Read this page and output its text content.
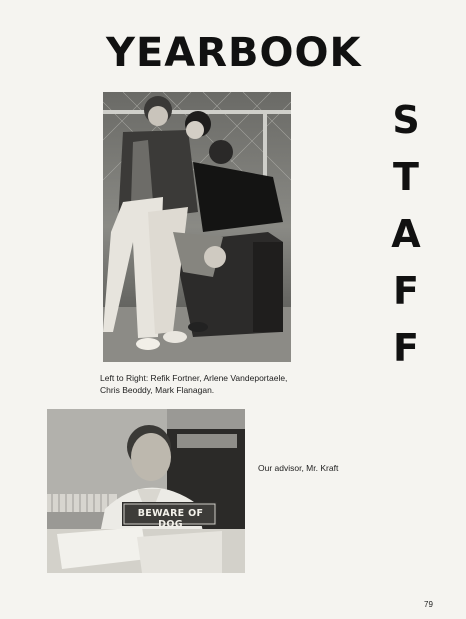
YEARBOOK
S
T
A
F
F
Left to Right: Refik Fortner, Arlene Vandeportaele, Chris Beoddy, Mark Flanagan.
BEWARE OF DOG
Our advisor, Mr. Kraft
79
